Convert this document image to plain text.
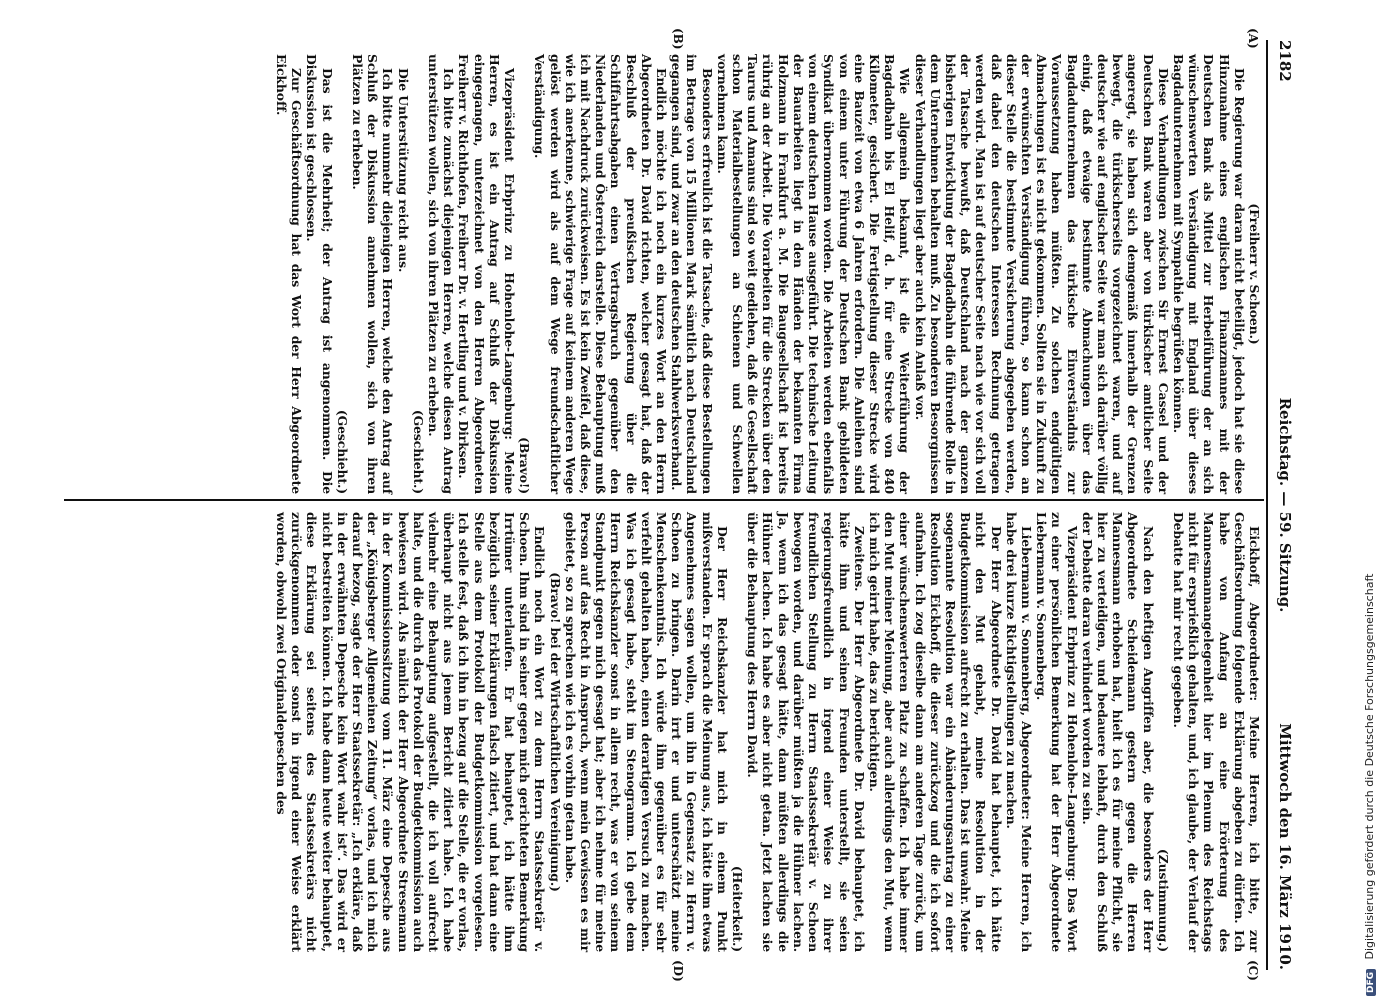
2182
Reichstag. — 59. Sitzung.
Mittwoch den 16. März 1910.
(A)
(B)
(C)
(D)

(Freiherr v. Schoen.)

Die Regierung war daran nicht beteiligt, jedoch hat sie diese Hinzunahme eines englischen Finanzmannes mit der Deutschen Bank als Mittel zur Herbeiführung der an sich wünschenswerten Verständigung mit England über dieses Bagdadunternehmen mit Sympathie begrüßen können.

Diese Verhandlungen zwischen Sir Ernest Cassel und der Deutschen Bank waren aber von türkischer amtlicher Seite angeregt, sie haben sich demgemäß innerhalb der Grenzen bewegt, die türkischerseits vorgezeichnet waren, und auf deutscher wie auf englischer Seite war man sich darüber völlig einig, daß etwaige bestimmte Abmachungen über das Bagdadunternehmen das türkische Einverständnis zur Voraussetzung haben müßten. Zu solchen endgültigen Abmachungen ist es nicht gekommen. Sollten sie in Zukunft zu der erwünschten Verständigung führen, so kann schon an dieser Stelle die bestimmte Versicherung abgegeben werden, daß dabei den deutschen Interessen Rechnung getragen werden wird. Man ist auf deutscher Seite nach wie vor sich voll der Tatsache bewußt, daß Deutschland nach der ganzen bisherigen Entwicklung der Bagdadbahn die führende Rolle in dem Unternehmen behalten muß. Zu besonderen Besorgnissen dieser Verhandlungen liegt aber auch kein Anlaß vor.

Wie allgemein bekannt, ist die Weiterführung der Bagdadbahn bis El Helif, d. h. für eine Strecke von 840 Kilometer, gesichert. Die Fertigstellung dieser Strecke wird eine Bauzeit von etwa 6 Jahren erfordern. Die Anleihen sind von einem unter Führung der Deutschen Bank gebildeten Syndikat übernommen worden. Die Arbeiten werden ebenfalls von einem deutschen Hause ausgeführt. Die technische Leitung der Bauarbeiten liegt in den Händen der bekannten Firma Holzmann in Frankfurt a. M. Die Baugesellschaft ist bereits rührig an der Arbeit. Die Vorarbeiten für die Strecken über den Taurus und Amanus sind so weit gediehen, daß die Gesellschaft schon Materialbestellungen an Schienen und Schwellen vornehmen kann.

Besonders erfreulich ist die Tatsache, daß diese Bestellungen im Betrage von 15 Millionen Mark sämtlich nach Deutschland gegangen sind, und zwar an den deutschen Stahlwerksverband.

Endlich möchte ich noch ein kurzes Wort an den Herrn Abgeordneten Dr. David richten, welcher gesagt hat, daß der Beschluß der preußischen Regierung über die Schiffahrtsabgaben einen Vertragsbruch gegenüber den Niederlanden und Österreich darstelle. Diese Behauptung muß ich mit Nachdruck zurückweisen. Es ist kein Zweifel, daß diese, wie ich anerkenne, schwierige Frage auf keinem anderen Wege gelöst werden wird als auf dem Wege freundschaftlicher Verständigung.

(Bravo!)

Vizepräsident Erbprinz zu Hohenlohe-Langenburg: Meine Herren, es ist ein Antrag auf Schluß der Diskussion eingegangen, unterzeichnet von den Herren Abgeordneten Freiherr v. Richthofen, Freiherr Dr. v. Hertling und v. Dirksen.

Ich bitte zunächst diejenigen Herren, welche diesen Antrag unterstützen wollen, sich von ihren Plätzen zu erheben.

(Geschieht.)

Die Unterstützung reicht aus.

Ich bitte nunmehr diejenigen Herren, welche den Antrag auf Schluß der Diskussion annehmen wollen, sich von ihren Plätzen zu erheben.

(Geschieht.)

Das ist die Mehrheit; der Antrag ist angenommen. Die Diskussion ist geschlossen.

Zur Geschäftsordnung hat das Wort der Herr Abgeordnete Eickhoff.

Eickhoff, Abgeordneter: Meine Herren, ich bitte, zur Geschäftsordnung folgende Erklärung abgeben zu dürfen. Ich habe von Anfang an eine Erörterung des Mannesmannangelegenheit hier im Plenum des Reichstags nicht für ersprießlich gehalten, und, ich glaube, der Verlauf der Debatte hat mir recht gegeben.

(Zustimmung.)

Nach den heftigen Angriffen aber, die besonders der Herr Abgeordnete Scheidemann gestern gegen die Herren Mannesmann erhoben hat, hielt ich es für meine Pflicht, sie hier zu verteidigen, und bedauere lebhaft, durch den Schluß der Debatte daran verhindert worden zu sein.

Vizepräsident Erbprinz zu Hohenlohe-Langenburg: Das Wort zu einer persönlichen Bemerkung hat der Herr Abgeordnete Liebermann v. Sonnenberg.

Liebermann v. Sonnenberg, Abgeordneter: Meine Herren, ich habe drei kurze Richtigstellungen zu machen.

Der Herr Abgeordnete Dr. David hat behauptet, ich hätte nicht den Mut gehabt, meine Resolution in der Budgetkommission aufrecht zu erhalten. Das ist unwahr. Meine sogenannte Resolution war ein Abänderungsantrag zu einer Resolution Eickhoff, die dieser zurückzog und die ich sofort aufnahm. Ich zog dieselbe dann am anderen Tage zurück, um einer wünschenswerteren Platz zu schaffen. Ich habe immer den Mut meiner Meinung, aber auch allerdings den Mut, wenn ich mich geirrt habe, das zu berichtigen.

Zweitens. Der Herr Abgeordnete Dr. David behauptet, ich hätte ihm und seinen Freunden unterstellt, sie seien regierungsfreundlich in irgend einer Weise zu ihrer freundlichen Stellung zu Herrn Staatssekretär v. Schoen bewogen worden, und darüber müßten ja die Hühner lachen. Ja, wenn ich das gesagt hätte, dann müßten allerdings die Hühner lachen. Ich habe es aber nicht getan. Jetzt lachen sie über die Behauptung des Herrn David.

(Heiterkeit.)

Der Herr Reichskanzler hat mich in einem Punkt mißverstanden. Er sprach die Meinung aus, ich hätte ihm etwas Angenehmes sagen wollen, um ihn in Gegensatz zu Herrn v. Schoen zu bringen. Darin irrt er und unterschätzt meine Menschenkenntnis. Ich würde ihm gegenüber es für sehr verfehlt gehalten haben, einen derartigen Versuch zu machen. Was ich gesagt habe, steht im Stenogramm. Ich gebe dem Herrn Reichskanzler sonst in allem recht, was er von seinem Standpunkt gegen mich gesagt hat; aber ich nehme für meine Person auf das Recht in Anspruch, wenn mein Gewissen es mir gebietet, so zu sprechen wie ich es vorhin getan habe.

(Bravo! bei der Wirtschaftlichen Vereinigung.)

Endlich noch ein Wort zu dem Herrn Staatssekretär v. Schoen. Ihm sind in seiner gegen mich gerichteten Bemerkung Irrtümer unterlaufen. Er hat behauptet, ich hätte ihm bezüglich seiner Erklärungen falsch zitiert, und hat dann eine Stelle aus dem Protokoll der Budgetkommission vorgelesen. Ich stelle fest, daß ich ihn in bezug auf die Stelle, die er vorlas, überhaupt nicht aus jenem Bericht zitiert habe. Ich habe vielmehr eine Behauptung aufgestellt, die ich voll aufrecht halte, und die durch das Protokoll der Budgetkommission auch bewiesen wird. Als nämlich der Herr Abgeordnete Stresemann in der Kommissionssitzung vom 11. März eine Depesche aus der „Königsberger Allgemeinen Zeitung“ vorlas, und ich mich darauf bezog, sagte der Herr Staatssekretär: „Ich erkläre, daß in der erwähnten Depesche kein Wort wahr ist“. Das wird er nicht bestreiten können. Ich habe dann heute weiter behauptet, diese Erklärung sei seitens des Staatssekretärs nicht zurückgenommen oder sonst in irgend einer Weise erklärt worden, obwohl zwei Originaldepeschen des

DFG Digitalisierung gefördert durch die Deutsche Forschungsgemeinschaft
